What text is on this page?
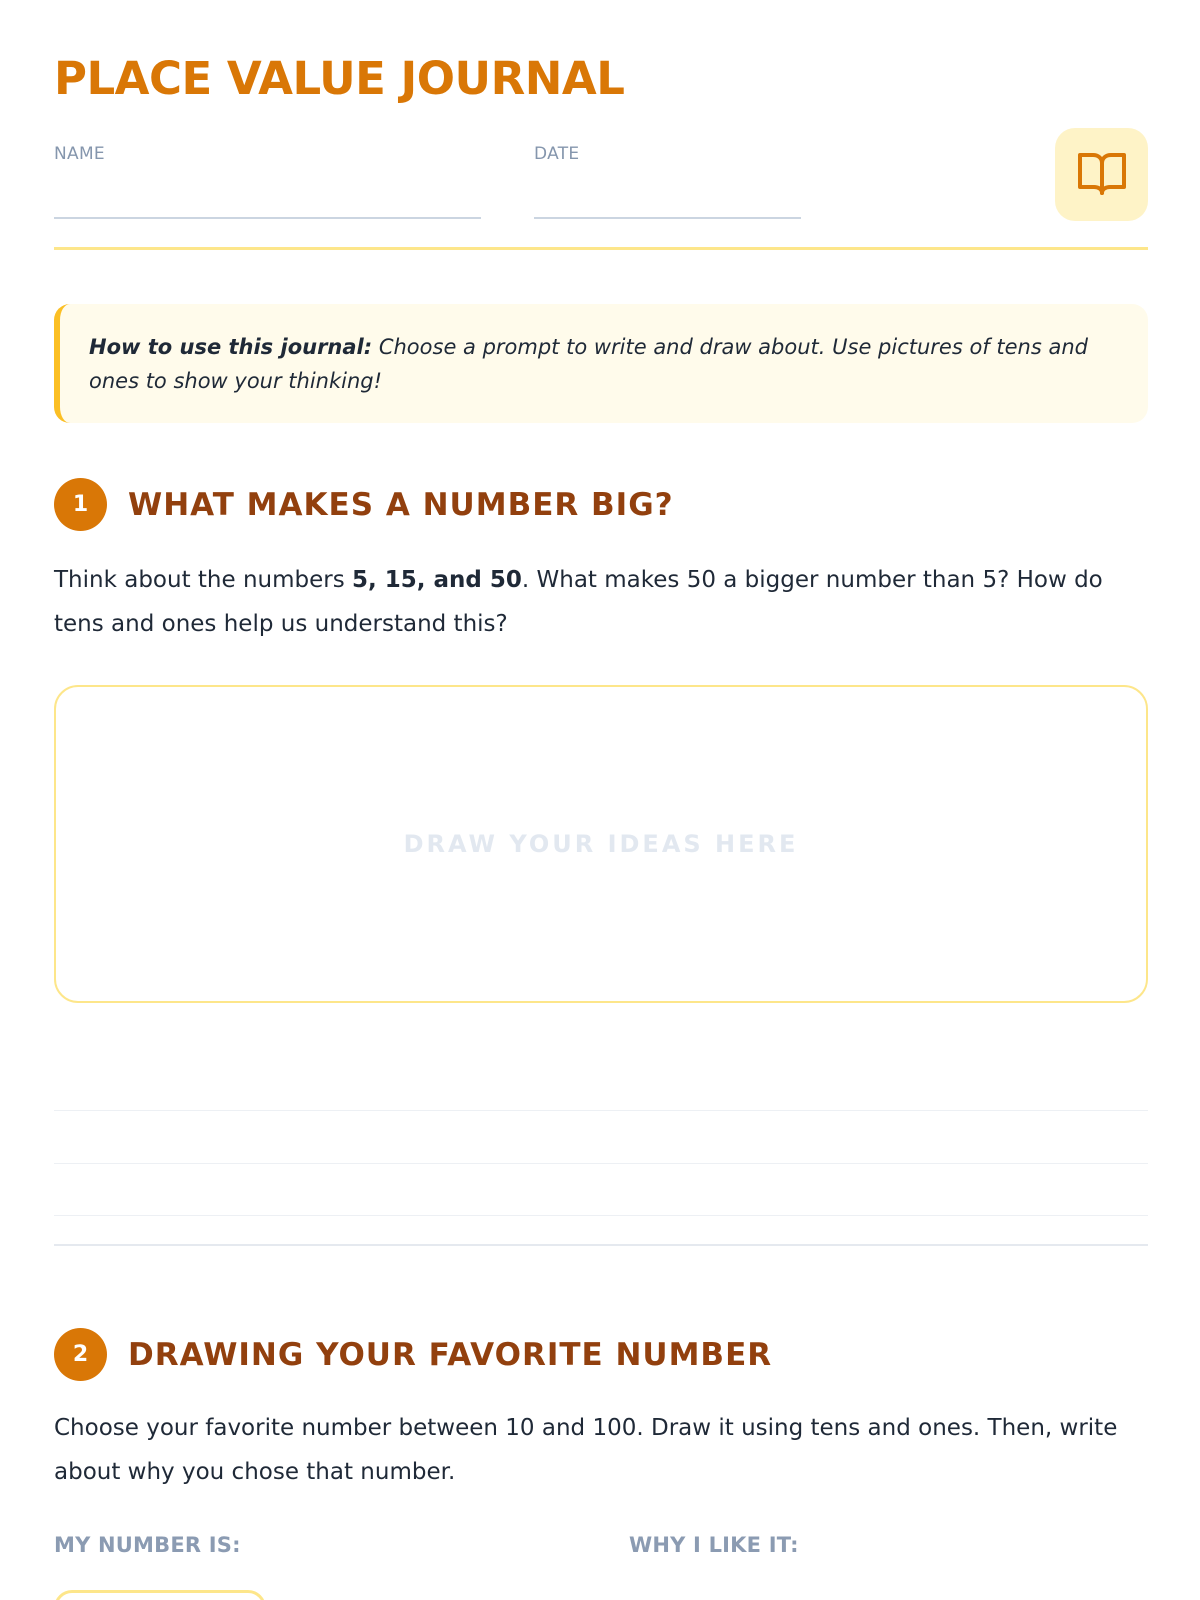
PLACE VALUE JOURNAL
NAME	DATE
How to use this journal: Choose a prompt to write and draw about. Use pictures of tens and ones to show your thinking!
1	WHAT MAKES A NUMBER BIG?

Think about the numbers 5, 15, and 50. What makes 50 a bigger number than 5? How do tens and ones help us understand this?

DRAW YOUR IDEAS HERE
2	DRAWING YOUR FAVORITE NUMBER

Choose your favorite number between 10 and 100. Draw it using tens and ones. Then, write about why you chose that number.

MY NUMBER IS:	WHY I LIKE IT:
